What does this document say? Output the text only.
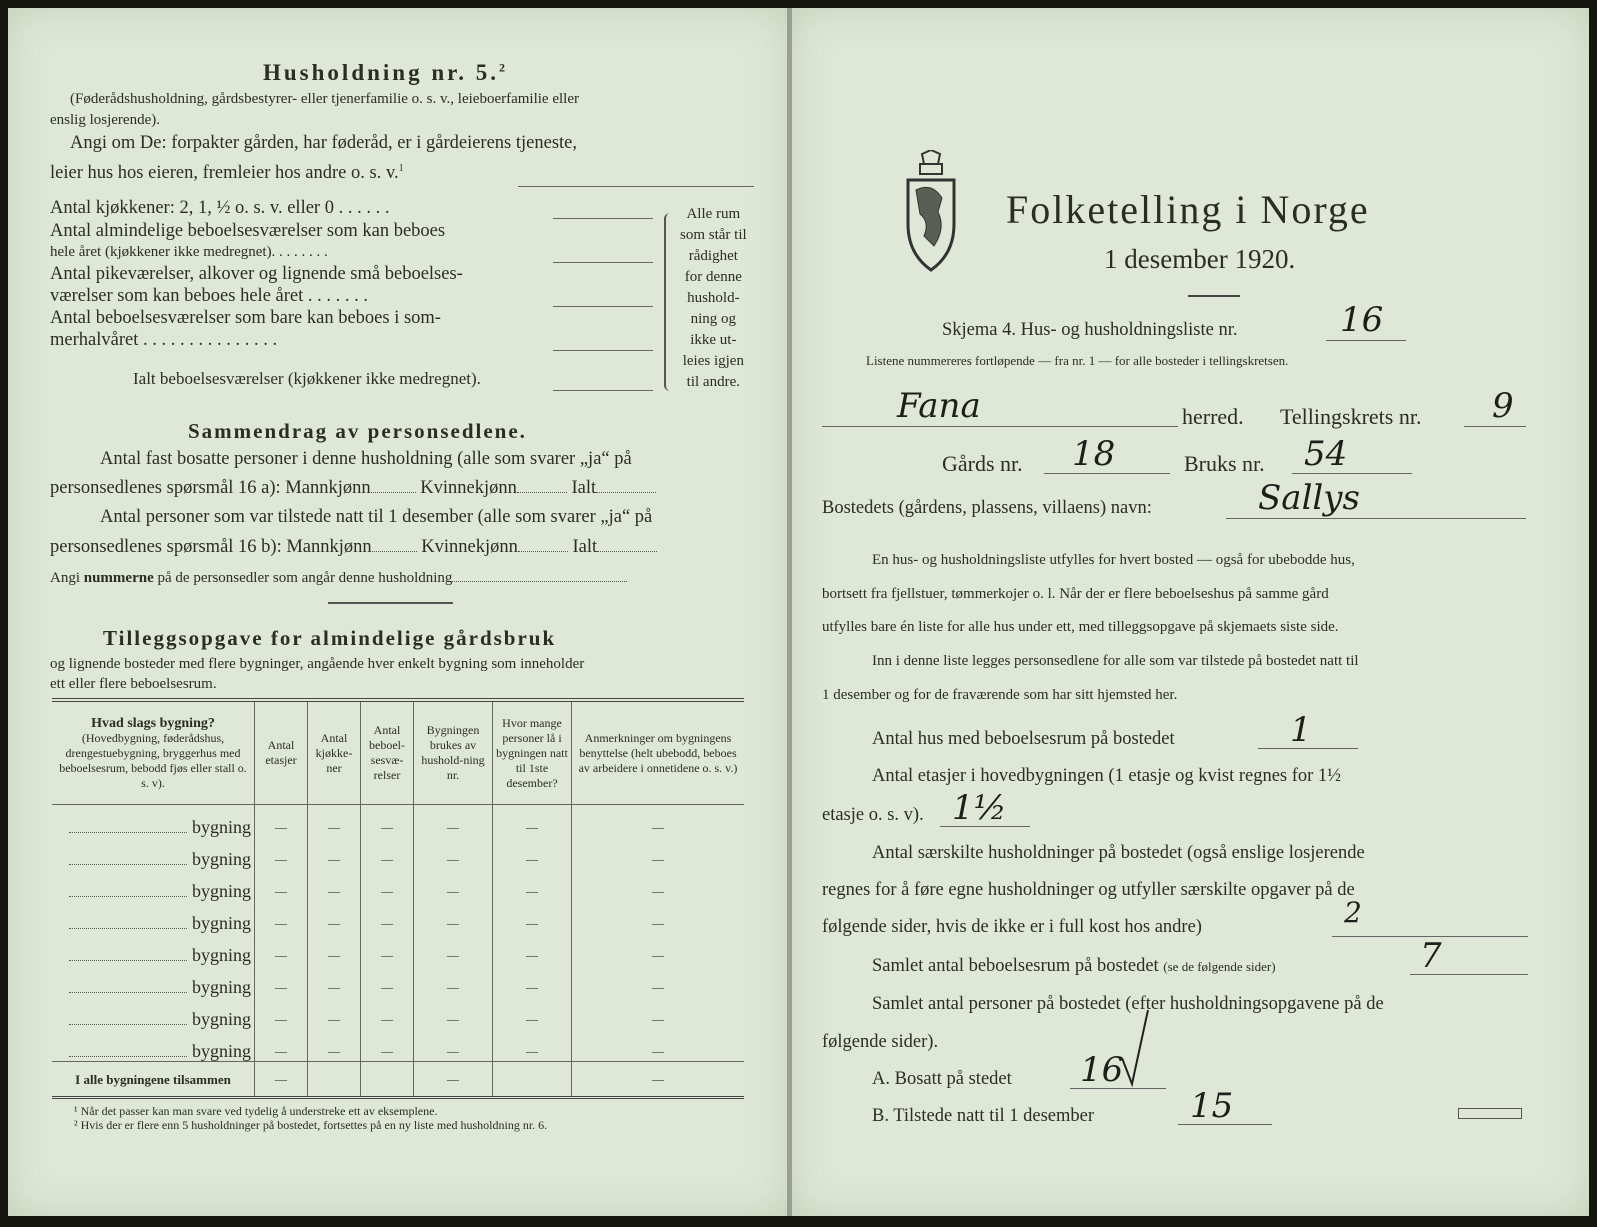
Husholdning nr. 5.$^2$
(Føderådshusholdning, gårdsbestyrer- eller tjenerfamilie o. s. v., leieboerfamilie eller
enslig losjerende).
Angi om De: forpakter gården, har føderåd, er i gårdeierens tjeneste,
leier hus hos eieren, fremleier hos andre o. s. v.$^1$
Antal kjøkkener: 2, 1, ½ o. s. v. eller 0 . . . . . .
Antal almindelige beboelsesværelser som kan beboes
hele året (kjøkkener ikke medregnet). . . . . . . .
Antal pikeværelser, alkover og lignende små beboelses-
værelser som kan beboes hele året . . . . . . .
Antal beboelsesværelser som bare kan beboes i som-
merhalvåret . . . . . . . . . . . . . . .
Ialt beboelsesværelser (kjøkkener ikke medregnet).
Alle rum
som står til
rådighet
for denne
hushold-
ning og
ikke ut-
leies igjen
til andre.
Sammendrag av personsedlene.
Antal fast bosatte personer i denne husholdning (alle som svarer „ja“ på
personsedlenes spørsmål 16 a): Mannkjønn	Kvinnekjønn	Ialt
Antal personer som var tilstede natt til 1 desember (alle som svarer „ja“ på
personsedlenes spørsmål 16 b): Mannkjønn	Kvinnekjønn	Ialt
Angi nummerne på de personsedler som angår denne husholdning
Tilleggsopgave for almindelige gårdsbruk
og lignende bosteder med flere bygninger, angående hver enkelt bygning som inneholder
ett eller flere beboelsesrum.
Hvad slags bygning?
(Hovedbygning, føderådshus, drengestuebygning, bryggerhus med beboelsesrum, bebodd fjøs eller stall o. s. v).	Antal etasjer	Antal kjøkke-ner	Antal beboel-sesvæ-relser	Bygningen brukes av hushold-ning nr.	Hvor mange personer lå i bygningen natt til 1ste desember?	Anmerkninger om bygningens benyttelse (helt ubebodd, beboes av arbeidere i onnetidene o. s. v.)
bygning	—	—	—	—	—	—
bygning	—	—	—	—	—	—
bygning	—	—	—	—	—	—
bygning	—	—	—	—	—	—
bygning	—	—	—	—	—	—
bygning	—	—	—	—	—	—
bygning	—	—	—	—	—	—
bygning	—	—	—	—	—	—
I alle bygningene tilsammen	—			—		—
¹ Når det passer kan man svare ved tydelig å understreke ett av eksemplene.
² Hvis der er flere enn 5 husholdninger på bostedet, fortsettes på en ny liste med husholdning nr. 6.
Folketelling i Norge
1 desember 1920.
Skjema 4. Hus- og husholdningsliste nr.	16
Listene nummereres fortløpende — fra nr. 1 — for alle bosteder i tellingskretsen.
Fana	herred. Tellingskrets nr. 9
Gårds nr. 18	Bruks nr. 54
Bostedets (gårdens, plassens, villaens) navn:	Sallys
En hus- og husholdningsliste utfylles for hvert bosted — også for ubebodde hus,
bortsett fra fjellstuer, tømmerkojer o. l. Når der er flere beboelseshus på samme gård
utfylles bare én liste for alle hus under ett, med tilleggsopgave på skjemaets siste side.
Inn i denne liste legges personsedlene for alle som var tilstede på bostedet natt til
1 desember og for de fraværende som har sitt hjemsted her.
Antal hus med beboelsesrum på bostedet	1
Antal etasjer i hovedbygningen (1 etasje og kvist regnes for 1½
etasje o. s. v). 1½
Antal særskilte husholdninger på bostedet (også enslige losjerende
regnes for å føre egne husholdninger og utfyller særskilte opgaver på de
følgende sider, hvis de ikke er i full kost hos andre)	2
Samlet antal beboelsesrum på bostedet (se de følgende sider)	7
Samlet antal personer på bostedet (efter husholdningsopgavene på de
følgende sider).
A. Bosatt på stedet 16
B. Tilstede natt til 1 desember	15
